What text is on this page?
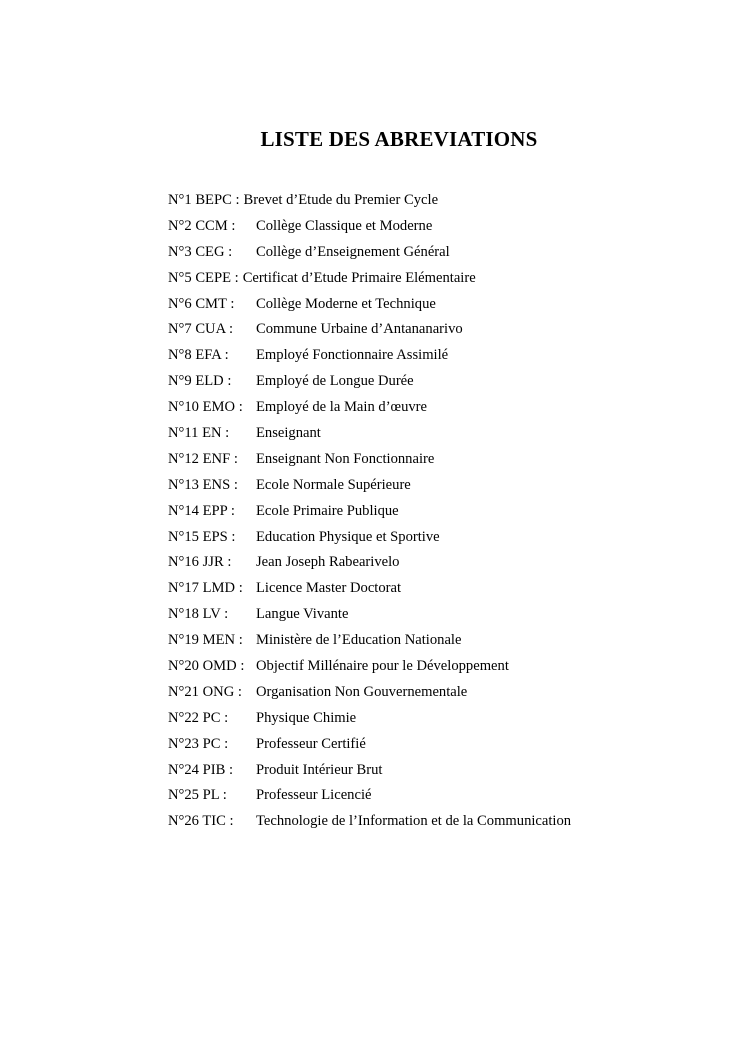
LISTE DES ABREVIATIONS
N°1 BEPC : Brevet d’Etude du Premier Cycle
N°2 CCM : Collège Classique et Moderne
N°3 CEG : Collège d’Enseignement Général
N°5 CEPE : Certificat d’Etude Primaire Elémentaire
N°6 CMT : Collège Moderne et Technique
N°7 CUA : Commune Urbaine d’Antananarivo
N°8 EFA : Employé Fonctionnaire Assimilé
N°9 ELD : Employé de Longue Durée
N°10 EMO : Employé de la Main d’œuvre
N°11 EN : Enseignant
N°12 ENF : Enseignant Non Fonctionnaire
N°13 ENS : Ecole Normale Supérieure
N°14 EPP : Ecole Primaire Publique
N°15 EPS : Education Physique et Sportive
N°16 JJR : Jean Joseph Rabearivelo
N°17 LMD : Licence Master Doctorat
N°18 LV : Langue Vivante
N°19 MEN : Ministère de l’Education Nationale
N°20 OMD : Objectif Millénaire pour le Développement
N°21 ONG : Organisation Non Gouvernementale
N°22 PC : Physique Chimie
N°23 PC : Professeur Certifié
N°24 PIB : Produit Intérieur Brut
N°25 PL : Professeur Licencié
N°26 TIC : Technologie de l’Information et de la Communication
